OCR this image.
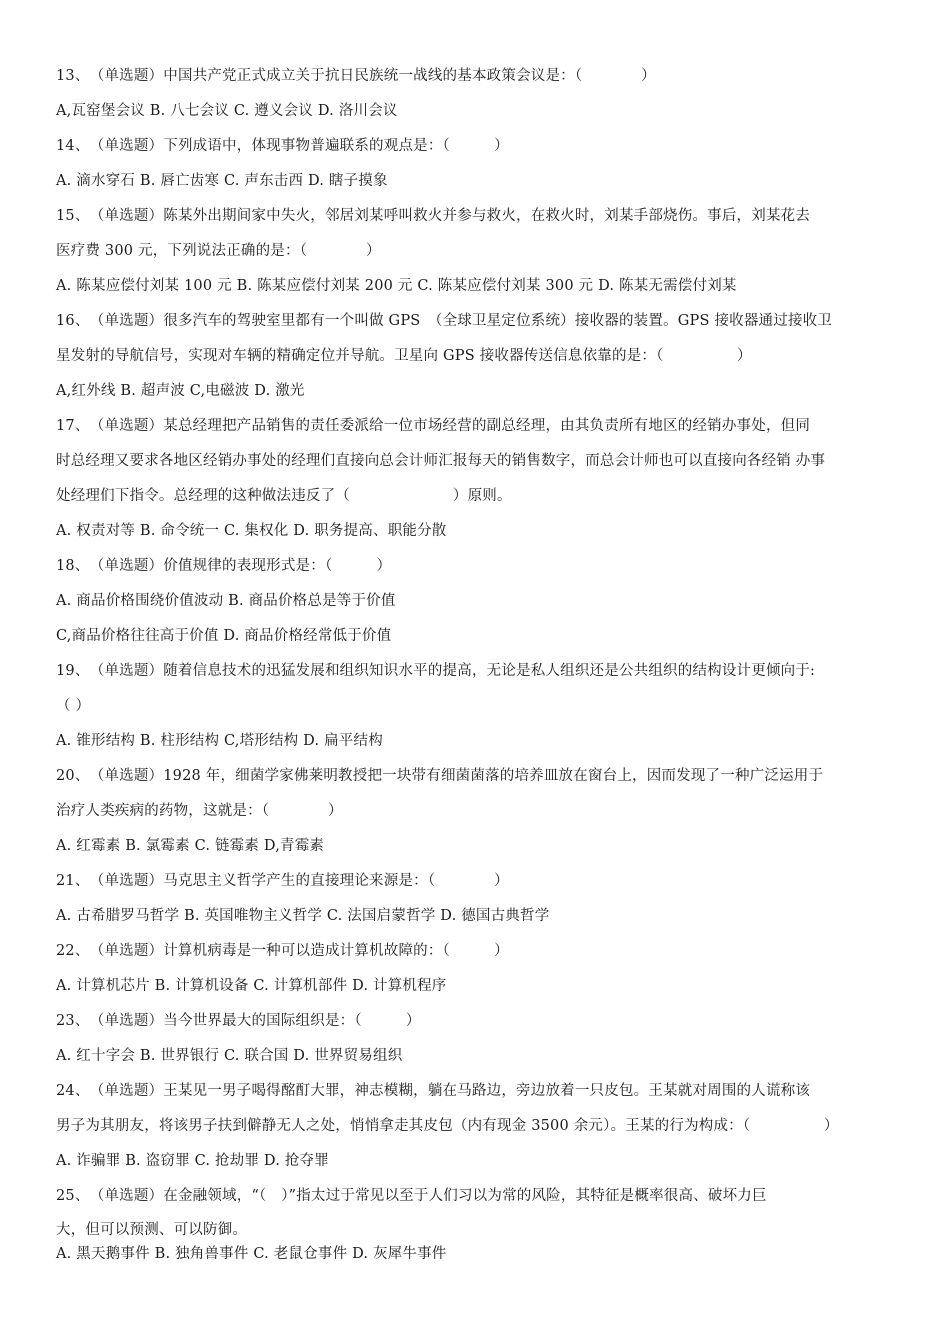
13、　（单选题）中国共产党正式成立关于抗日民族统一战线的基本政策会议是：（　　　　）
A,瓦窑堡会议 B. 八七会议 C. 遵义会议 D. 洛川会议
14、　（单选题）下列成语中，体现事物普遍联系的观点是：（　　　）
A. 滴水穿石 B. 唇亡齿寒 C. 声东击西 D. 瞎子摸象
15、　（单选题）陈某外出期间家中失火，邻居刘某呼叫救火并参与救火，在救火时，刘某手部烧伤。事后，刘某花去
医疗费 300 元，下列说法正确的是：（　　　　）
A. 陈某应偿付刘某 100 元 B. 陈某应偿付刘某 200 元 C. 陈某应偿付刘某 300 元 D. 陈某无需偿付刘某
16、　（单选题）很多汽车的驾驶室里都有一个叫做 GPS　（全球卫星定位系统）接收器的装置。GPS 接收器通过接收卫
星发射的导航信号，实现对车辆的精确定位并导航。卫星向 GPS 接收器传送信息依靠的是：（　　　　　）
A,红外线 B. 超声波 C,电磁波 D. 激光
17、　（单选题）某总经理把产品销售的责任委派给一位市场经营的副总经理，由其负责所有地区的经销办事处，但同
时总经理又要求各地区经销办事处的经理们直接向总会计师汇报每天的销售数字，而总会计师也可以直接向各经销 办事
处经理们下指令。总经理的这种做法违反了（　　　　　　　）原则。
A. 权责对等 B. 命令统一 C. 集权化 D. 职务提高、职能分散
18、　（单选题）价值规律的表现形式是：（　　　）
A. 商品价格围绕价值波动 B. 商品价格总是等于价值
C,商品价格往往高于价值 D. 商品价格经常低于价值
19、　（单选题）随着信息技术的迅猛发展和组织知识水平的提高，无论是私人组织还是公共组织的结构设计更倾向于:
（ ）
A. 锥形结构 B. 柱形结构 C,塔形结构 D. 扁平结构
20、　（单选题）1928 年，细菌学家佛莱明教授把一块带有细菌菌落的培养皿放在窗台上，因而发现了一种广泛运用于
治疗人类疾病的药物，这就是：（　　　　）
A. 红霉素 B. 氯霉素 C. 链霉素 D,青霉素
21、　（单选题）马克思主义哲学产生的直接理论来源是：（　　　　）
A. 古希腊罗马哲学 B. 英国唯物主义哲学 C. 法国启蒙哲学 D. 德国古典哲学
22、　（单选题）计算机病毒是一种可以造成计算机故障的：（　　　）
A. 计算机芯片 B. 计算机设备 C. 计算机部件 D. 计算机程序
23、　（单选题）当今世界最大的国际组织是：（　　　）
A. 红十字会 B. 世界银行 C. 联合国 D. 世界贸易组织
24、　（单选题）王某见一男子喝得酩酊大罪，神志模糊，躺在马路边，旁边放着一只皮包。王某就对周围的人谎称该
男子为其朋友，将该男子扶到僻静无人之处，悄悄拿走其皮包（内有现金 3500 余元）。王某的行为构成：（　　　　　）
A. 诈骗罪 B. 盗窃罪 C. 抢劫罪 D. 抢夺罪
25、　（单选题）在金融领域，“（　）”指太过于常见以至于人们习以为常的风险，其特征是概率很高、破坏力巨
大，但可以预测、可以防御。
A. 黑天鹅事件 B. 独角兽事件 C. 老鼠仓事件 D. 灰犀牛事件
